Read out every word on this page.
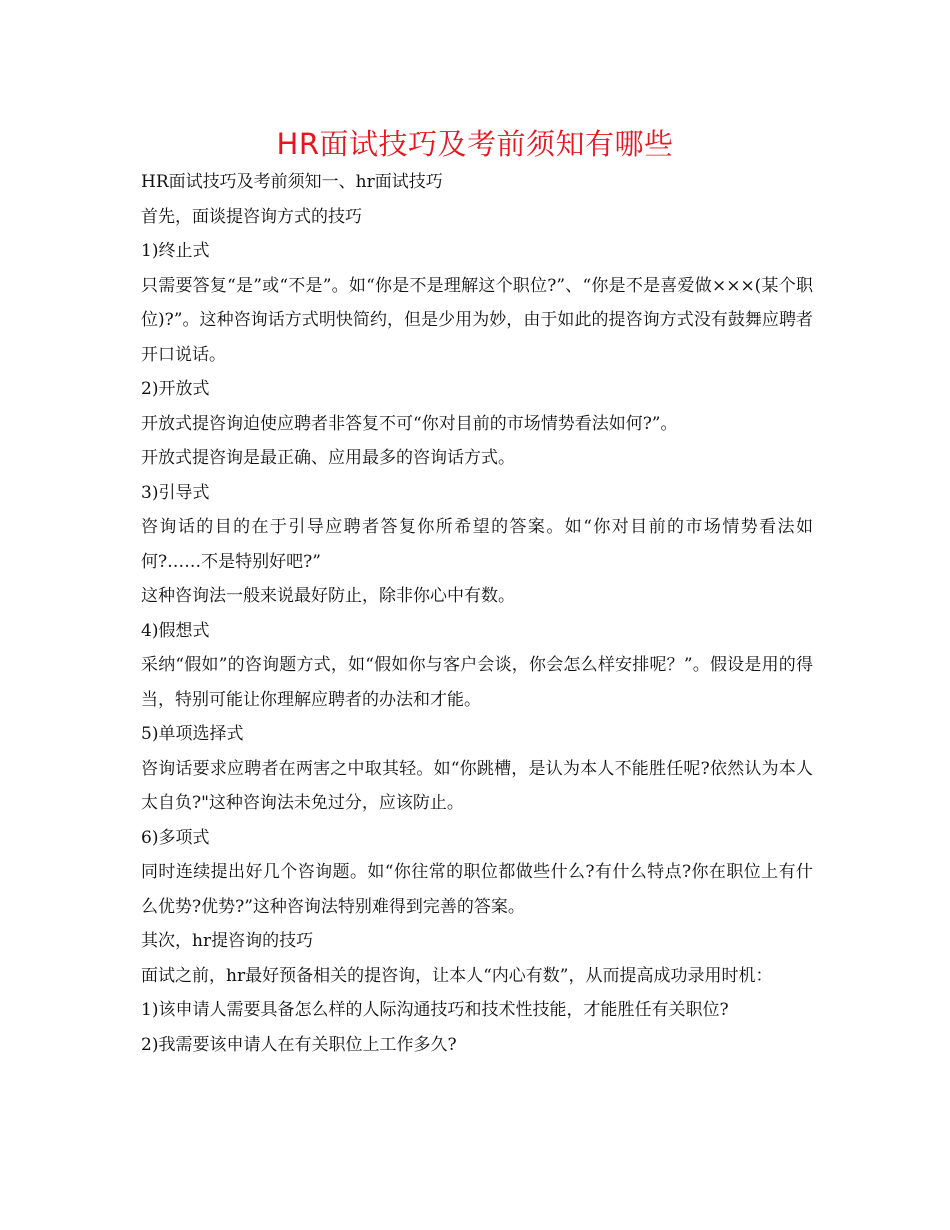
HR面试技巧及考前须知有哪些

HR面试技巧及考前须知一、hr面试技巧

首先，面谈提咨询方式的技巧

1)终止式

只需要答复“是”或“不是”。如“你是不是理解这个职位?”、“你是不是喜爱做×××(某个职位)?”。这种咨询话方式明快简约，但是少用为妙，由于如此的提咨询方式没有鼓舞应聘者开口说话。

2)开放式

开放式提咨询迫使应聘者非答复不可“你对目前的市场情势看法如何?”。

开放式提咨询是最正确、应用最多的咨询话方式。

3)引导式

咨询话的目的在于引导应聘者答复你所希望的答案。如“你对目前的市场情势看法如何?……不是特别好吧?”

这种咨询法一般来说最好防止，除非你心中有数。

4)假想式

采纳“假如”的咨询题方式，如“假如你与客户会谈，你会怎么样安排呢？”。假设是用的得当，特别可能让你理解应聘者的办法和才能。

5)单项选择式

咨询话要求应聘者在两害之中取其轻。如“你跳槽，是认为本人不能胜任呢?依然认为本人太自负?"这种咨询法未免过分，应该防止。

6)多项式

同时连续提出好几个咨询题。如“你往常的职位都做些什么?有什么特点?你在职位上有什么优势?优势?”这种咨询法特别难得到完善的答案。

其次，hr提咨询的技巧

面试之前，hr最好预备相关的提咨询，让本人“内心有数”，从而提高成功录用时机：

1)该申请人需要具备怎么样的人际沟通技巧和技术性技能，才能胜任有关职位?

2)我需要该申请人在有关职位上工作多久?
